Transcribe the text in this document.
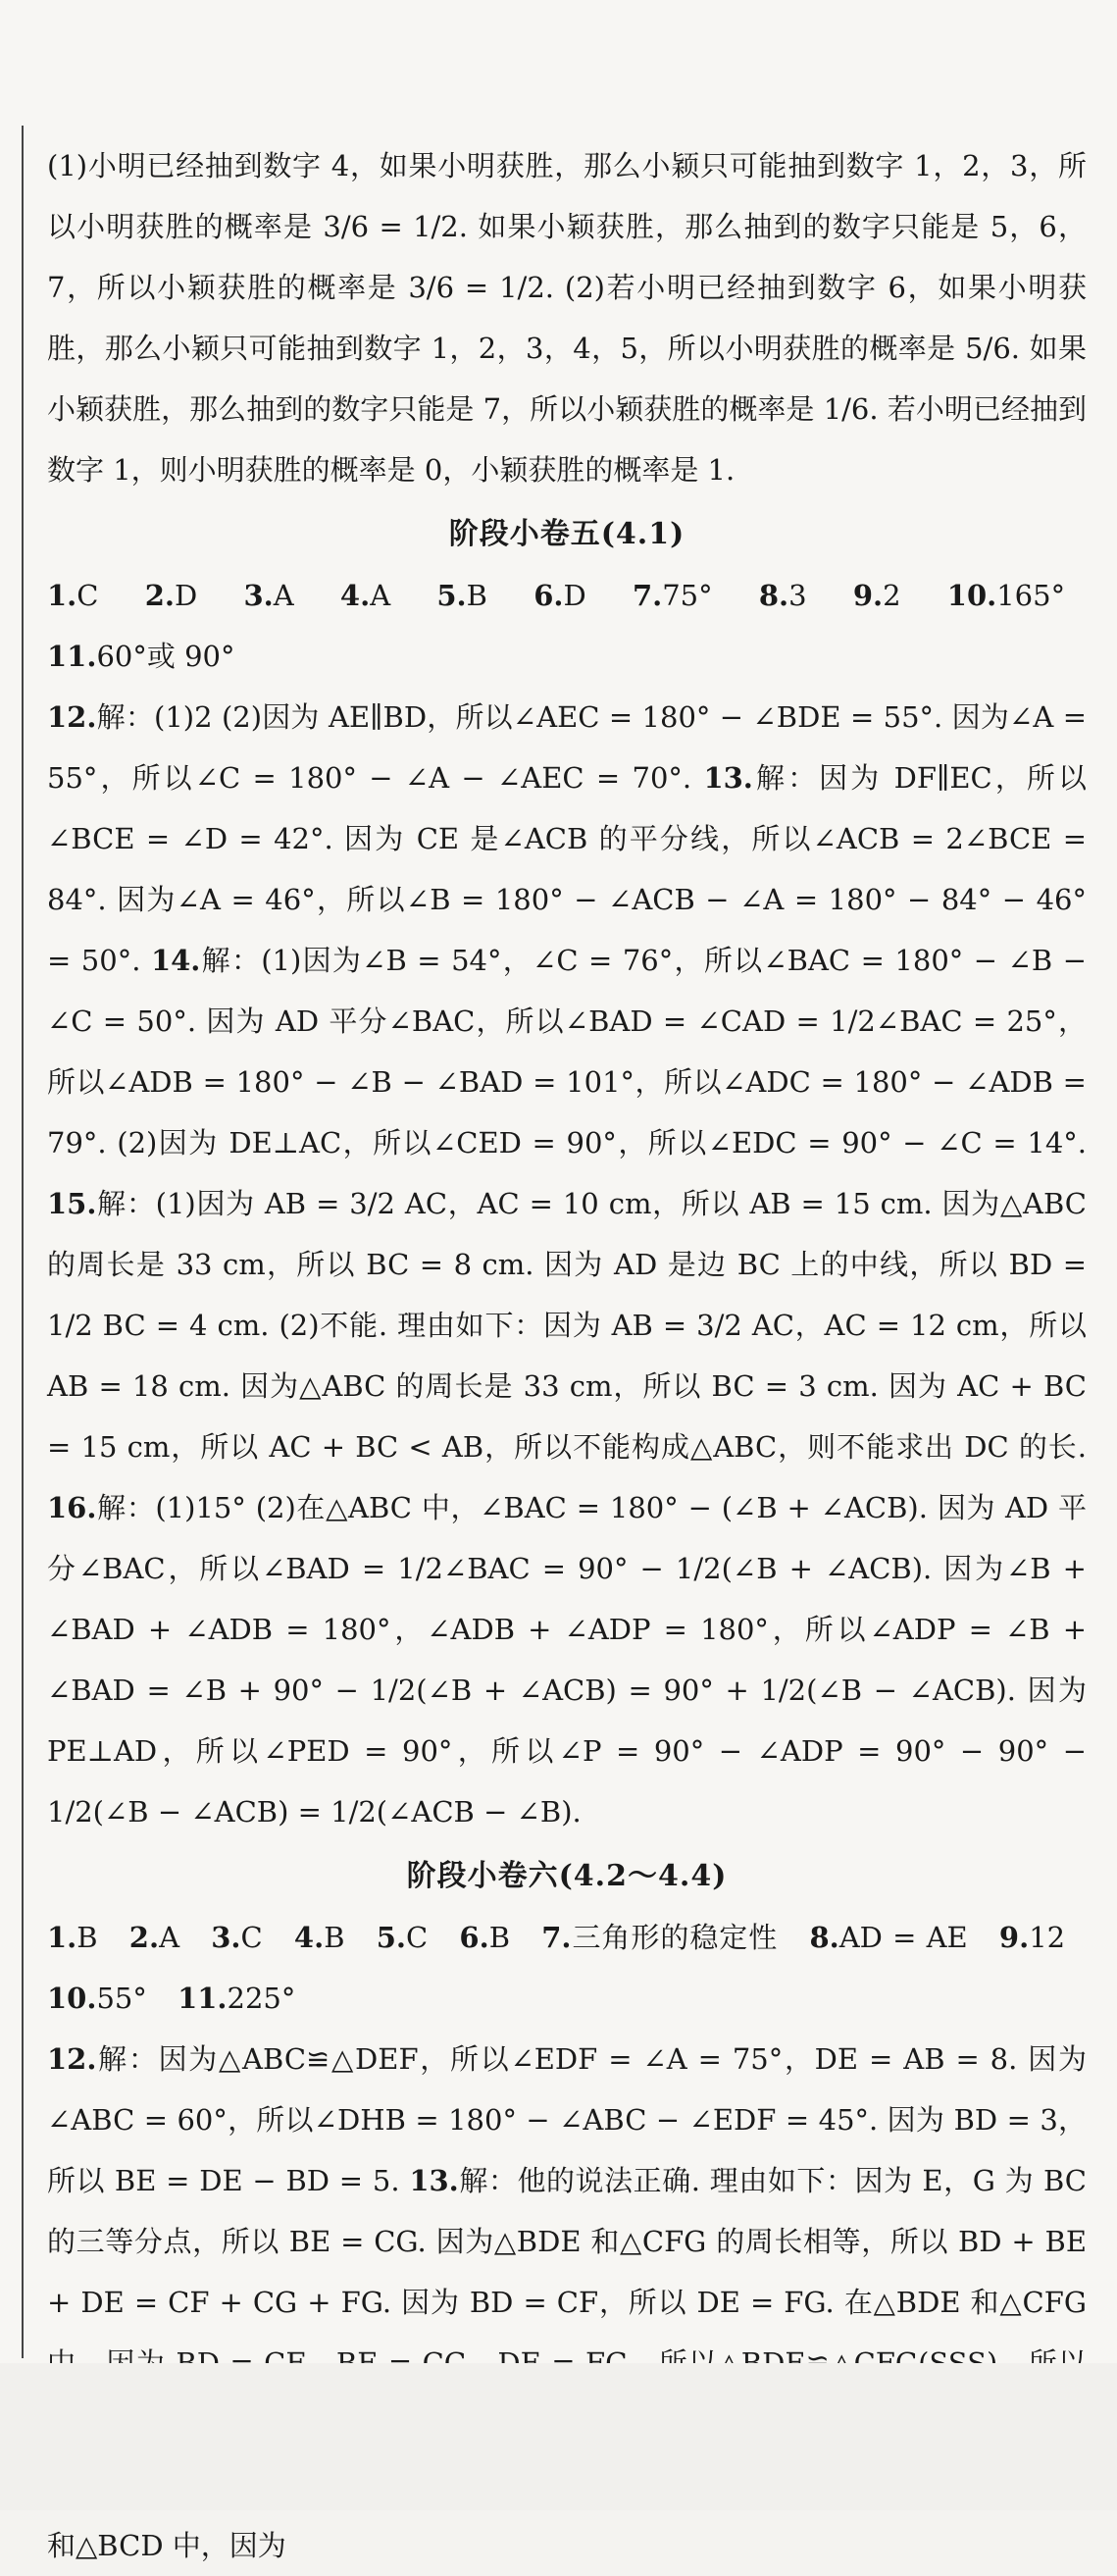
(1)小明已经抽到数字 4，如果小明获胜，那么小颖只可能抽到数字 1，2，3，所以小明获胜的概率是 3/6 = 1/2. 如果小颖获胜，那么抽到的数字只能是 5，6，7，所以小颖获胜的概率是 3/6 = 1/2. (2)若小明已经抽到数字 6，如果小明获胜，那么小颖只可能抽到数字 1，2，3，4，5，所以小明获胜的概率是 5/6. 如果小颖获胜，那么抽到的数字只能是 7，所以小颖获胜的概率是 1/6. 若小明已经抽到数字 1，则小明获胜的概率是 0，小颖获胜的概率是 1.

阶段小卷五(4.1)

1.C 2.D 3.A 4.A 5.B 6.D 7.75° 8.3 9.2 10.165° 11.60°或 90°

12.解：(1)2 (2)因为 AE∥BD，所以∠AEC = 180° − ∠BDE = 55°. 因为∠A = 55°，所以∠C = 180° − ∠A − ∠AEC = 70°. 13.解：因为 DF∥EC，所以∠BCE = ∠D = 42°. 因为 CE 是∠ACB 的平分线，所以∠ACB = 2∠BCE = 84°. 因为∠A = 46°，所以∠B = 180° − ∠ACB − ∠A = 180° − 84° − 46° = 50°. 14.解：(1)因为∠B = 54°，∠C = 76°，所以∠BAC = 180° − ∠B − ∠C = 50°. 因为 AD 平分∠BAC，所以∠BAD = ∠CAD = 1/2∠BAC = 25°，所以∠ADB = 180° − ∠B − ∠BAD = 101°，所以∠ADC = 180° − ∠ADB = 79°. (2)因为 DE⊥AC，所以∠CED = 90°，所以∠EDC = 90° − ∠C = 14°. 15.解：(1)因为 AB = 3/2 AC，AC = 10 cm，所以 AB = 15 cm. 因为△ABC 的周长是 33 cm，所以 BC = 8 cm. 因为 AD 是边 BC 上的中线，所以 BD = 1/2 BC = 4 cm. (2)不能. 理由如下：因为 AB = 3/2 AC，AC = 12 cm，所以 AB = 18 cm. 因为△ABC 的周长是 33 cm，所以 BC = 3 cm. 因为 AC + BC = 15 cm，所以 AC + BC < AB，所以不能构成△ABC，则不能求出 DC 的长. 16.解：(1)15° (2)在△ABC 中，∠BAC = 180° − (∠B + ∠ACB). 因为 AD 平分∠BAC，所以∠BAD = 1/2∠BAC = 90° − 1/2(∠B + ∠ACB). 因为∠B + ∠BAD + ∠ADB = 180°，∠ADB + ∠ADP = 180°，所以∠ADP = ∠B + ∠BAD = ∠B + 90° − 1/2(∠B + ∠ACB) = 90° + 1/2(∠B − ∠ACB). 因为 PE⊥AD，所以∠PED = 90°，所以∠P = 90° − ∠ADP = 90° − 90° − 1/2(∠B − ∠ACB) = 1/2(∠ACB − ∠B).

阶段小卷六(4.2～4.4)

1.B 2.A 3.C 4.B 5.C 6.B 7.三角形的稳定性 8.AD = AE 9.12 10.55° 11.225°

12.解：因为△ABC≌△DEF，所以∠EDF = ∠A = 75°，DE = AB = 8. 因为∠ABC = 60°，所以∠DHB = 180° − ∠ABC − ∠EDF = 45°. 因为 BD = 3，所以 BE = DE − BD = 5. 13.解：他的说法正确. 理由如下：因为 E，G 为 BC 的三等分点，所以 BE = CG. 因为△BDE 和△CFG 的周长相等，所以 BD + BE + DE = CF + CG + FG. 因为 BD = CF，所以 DE = FG. 在△BDE 和△CFG 和△BCD 中，因为
